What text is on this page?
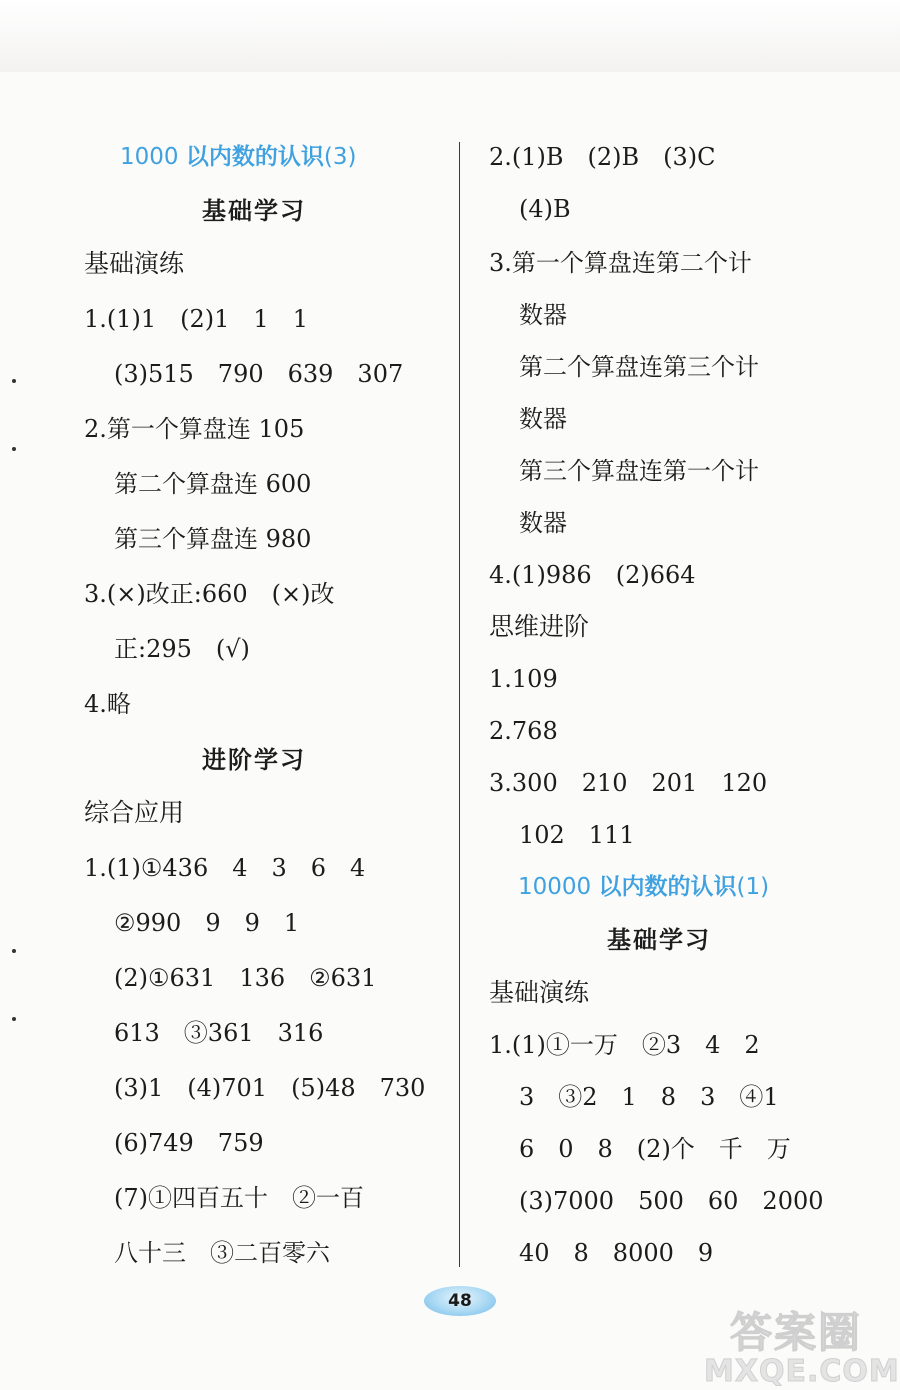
1000 以内数的认识(3)
基础学习
基础演练
1.(1)1　(2)1　1　1
(3)515　790　639　307
2.第一个算盘连 105
第二个算盘连 600
第三个算盘连 980
3.(×)改正:660　(×)改
正:295　(√)
4.略
进阶学习
综合应用
1.(1)①436　4　3　6　4
②990　9　9　1
(2)①631　136　②631
613　③361　316
(3)1　(4)701　(5)48　730
(6)749　759
(7)①四百五十　②一百
八十三　③二百零六
2.(1)B　(2)B　(3)C
(4)B
3.第一个算盘连第二个计
数器
第二个算盘连第三个计
数器
第三个算盘连第一个计
数器
4.(1)986　(2)664
思维进阶
1.109
2.768
3.300　210　201　120
102　111
10000 以内数的认识(1)
基础学习
基础演练
1.(1)①一万　②3　4　2
3　③2　1　8　3　④1
6　0　8　(2)个　千　万
(3)7000　500　60　2000
40　8　8000　9
48
答案圈
MXQE.COM
